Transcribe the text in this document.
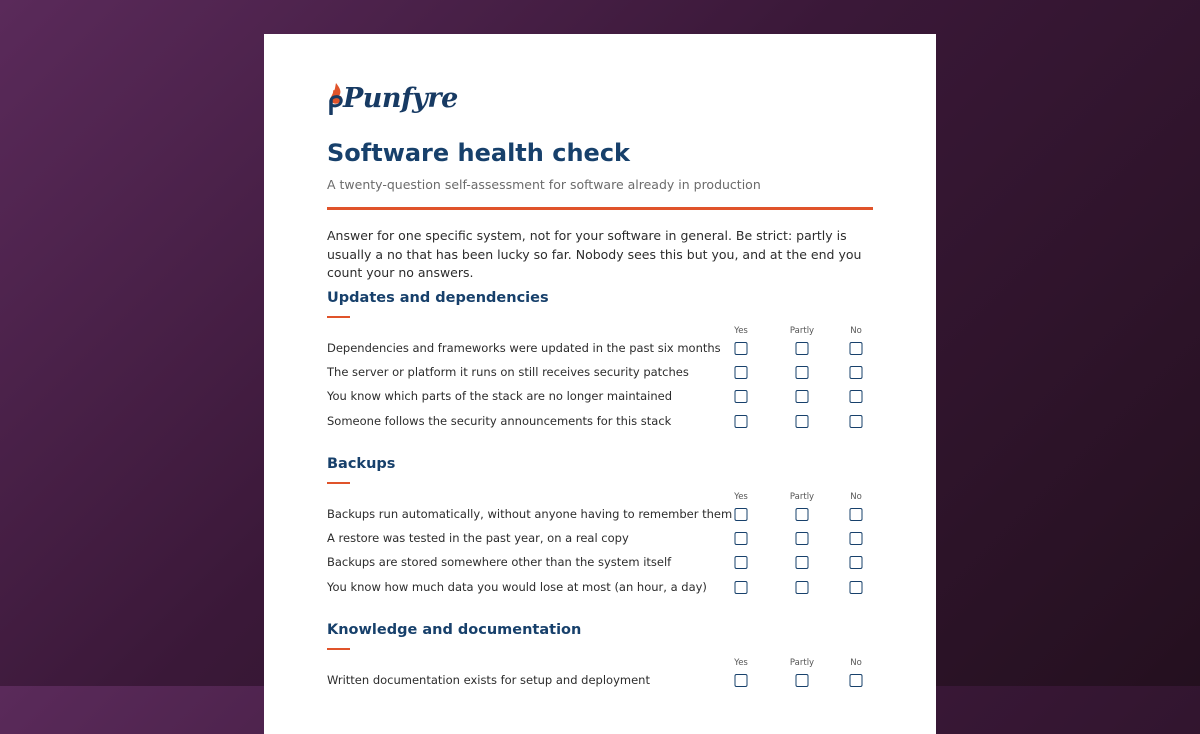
Punfyre
Software health check
A twenty-question self-assessment for software already in production

Answer for one specific system, not for your software in general. Be strict: partly is usually a no that has been lucky so far. Nobody sees this but you, and at the end you count your no answers.

Updates and dependencies
Yes	Partly	No
Dependencies and frameworks were updated in the past six months
The server or platform it runs on still receives security patches
You know which parts of the stack are no longer maintained
Someone follows the security announcements for this stack
Backups
Yes	Partly	No
Backups run automatically, without anyone having to remember them
A restore was tested in the past year, on a real copy
Backups are stored somewhere other than the system itself
You know how much data you would lose at most (an hour, a day)
Knowledge and documentation
Yes	Partly	No
Written documentation exists for setup and deployment
